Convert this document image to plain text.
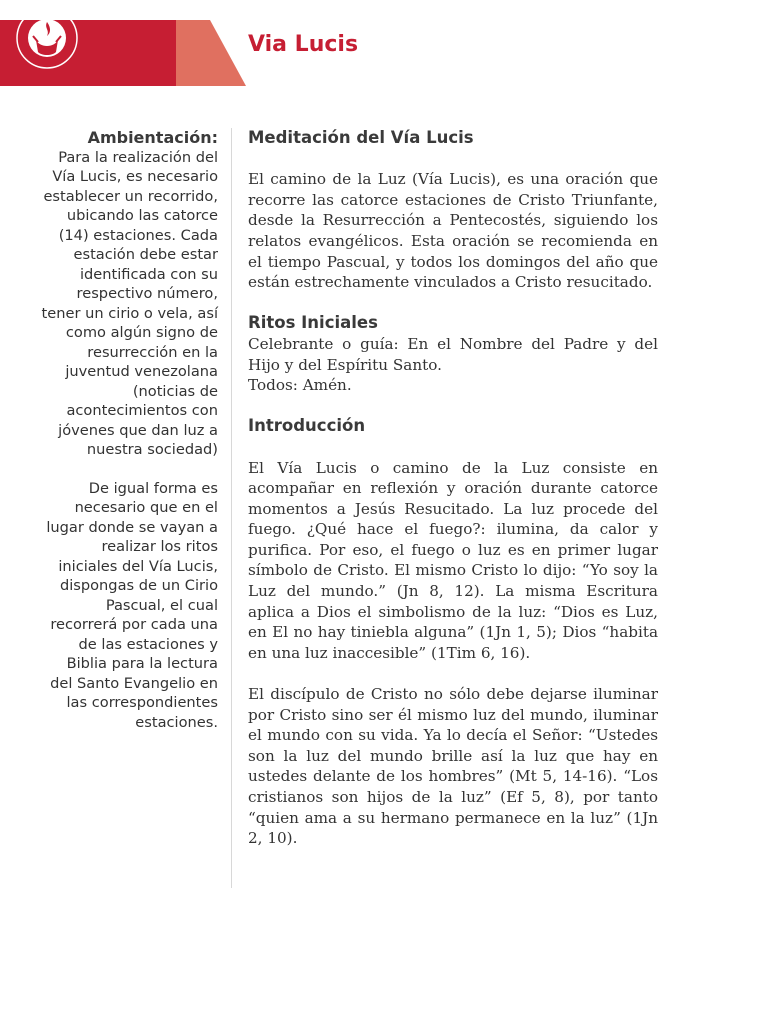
Via Lucis

Ambientación:
Para la realización del Vía Lucis, es necesario establecer un recorrido, ubicando las catorce (14) estaciones. Cada estación debe estar identificada con su respectivo número, tener un cirio o vela, así como algún signo de resurrección en la juventud venezolana (noticias de acontecimientos con jóvenes que dan luz a nuestra sociedad)

De igual forma es necesario que en el lugar donde se vayan a realizar los ritos iniciales del Vía Lucis, dispongas de un Cirio Pascual, el cual recorrerá por cada una de las estaciones y Biblia para la lectura del Santo Evangelio en las correspondientes estaciones.

Meditación del Vía Lucis

El camino de la Luz (Vía Lucis), es una oración que recorre las catorce estaciones de Cristo Triunfante, desde la Resurrección a Pentecostés, siguiendo los relatos evangélicos. Esta oración se recomienda en el tiempo Pascual, y todos los domingos del año que están estrechamente vinculados a Cristo resucitado.

Ritos Iniciales

Celebrante o guía: En el Nombre del Padre y del Hijo y del Espíritu Santo.

Todos: Amén.

Introducción

El Vía Lucis o camino de la Luz consiste en acompañar en reflexión y oración durante catorce momentos a Jesús Resucitado. La luz procede del fuego. ¿Qué hace el fuego?: ilumina, da calor y purifica. Por eso, el fuego o luz es en primer lugar símbolo de Cristo. El mismo Cristo lo dijo: “Yo soy la Luz del mundo.” (Jn 8, 12). La misma Escritura aplica a Dios el simbolismo de la luz: “Dios es Luz, en El no hay tiniebla alguna” (1Jn 1, 5); Dios “habita en una luz inaccesible” (1Tim 6, 16).

El discípulo de Cristo no sólo debe dejarse iluminar por Cristo sino ser él mismo luz del mundo, iluminar el mundo con su vida. Ya lo decía el Señor: “Ustedes son la luz del mundo brille así la luz que hay en ustedes delante de los hombres” (Mt 5, 14-16). “Los cristianos son hijos de la luz” (Ef 5, 8), por tanto “quien ama a su hermano permanece en la luz” (1Jn 2, 10).
